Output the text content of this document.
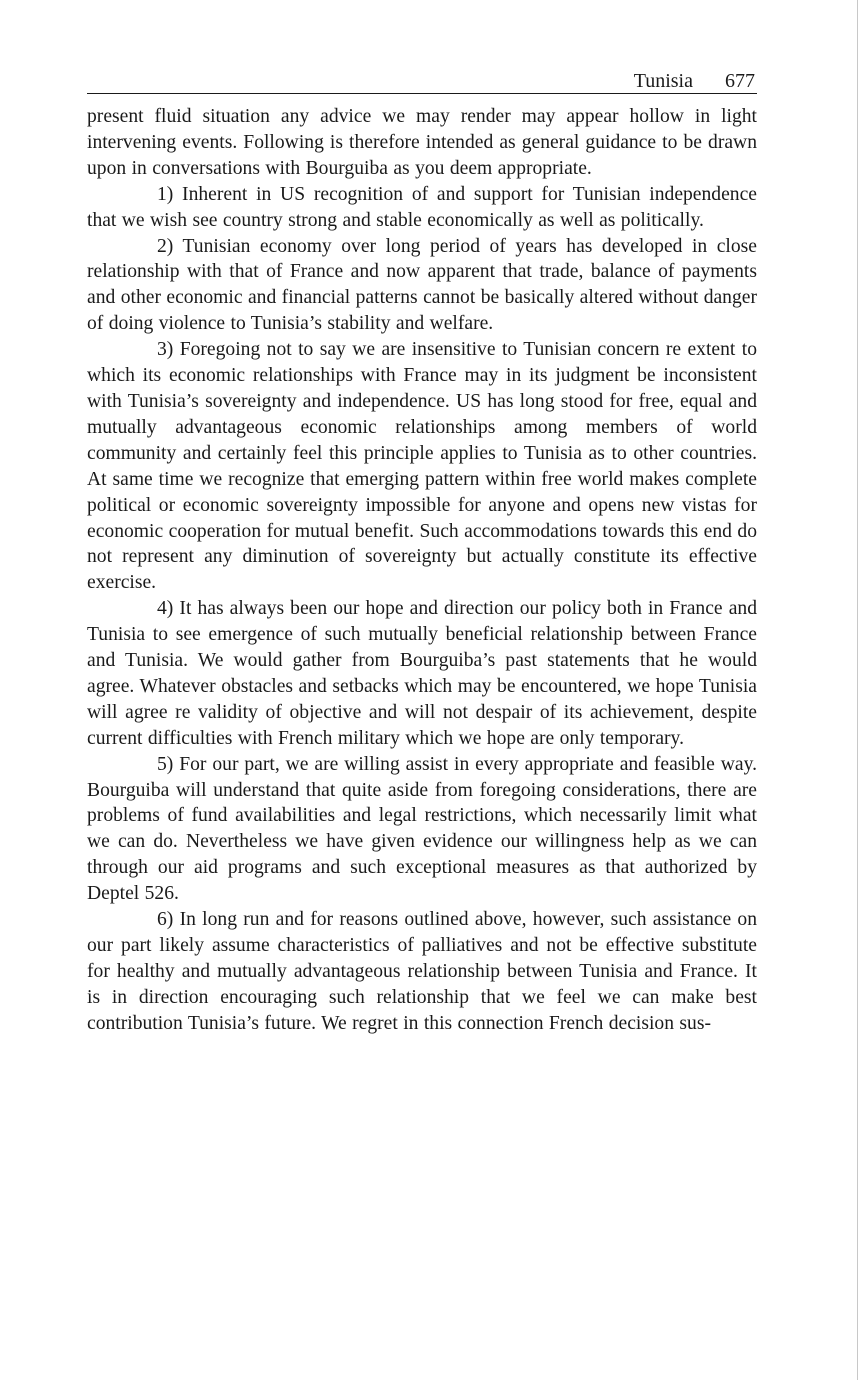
Tunisia 677

present fluid situation any advice we may render may appear hollow in light intervening events. Following is therefore intended as general guidance to be drawn upon in conversations with Bourguiba as you deem appropriate.

1) Inherent in US recognition of and support for Tunisian independence that we wish see country strong and stable economically as well as politically.

2) Tunisian economy over long period of years has developed in close relationship with that of France and now apparent that trade, balance of payments and other economic and financial patterns cannot be basically altered without danger of doing violence to Tunisia’s stability and welfare.

3) Foregoing not to say we are insensitive to Tunisian concern re extent to which its economic relationships with France may in its judgment be inconsistent with Tunisia’s sovereignty and independence. US has long stood for free, equal and mutually advantageous economic relationships among members of world community and certainly feel this principle applies to Tunisia as to other countries. At same time we recognize that emerging pattern within free world makes complete political or economic sovereignty impossible for anyone and opens new vistas for economic cooperation for mutual benefit. Such accommodations towards this end do not represent any diminution of sovereignty but actually constitute its effective exercise.

4) It has always been our hope and direction our policy both in France and Tunisia to see emergence of such mutually beneficial relationship between France and Tunisia. We would gather from Bourguiba’s past statements that he would agree. Whatever obstacles and setbacks which may be encountered, we hope Tunisia will agree re validity of objective and will not despair of its achievement, despite current difficulties with French military which we hope are only temporary.

5) For our part, we are willing assist in every appropriate and feasible way. Bourguiba will understand that quite aside from foregoing considerations, there are problems of fund availabilities and legal restrictions, which necessarily limit what we can do. Nevertheless we have given evidence our willingness help as we can through our aid programs and such exceptional measures as that authorized by Deptel 526.

6) In long run and for reasons outlined above, however, such assistance on our part likely assume characteristics of palliatives and not be effective substitute for healthy and mutually advantageous relationship between Tunisia and France. It is in direction encouraging such relationship that we feel we can make best contribution Tunisia’s future. We regret in this connection French decision sus-
